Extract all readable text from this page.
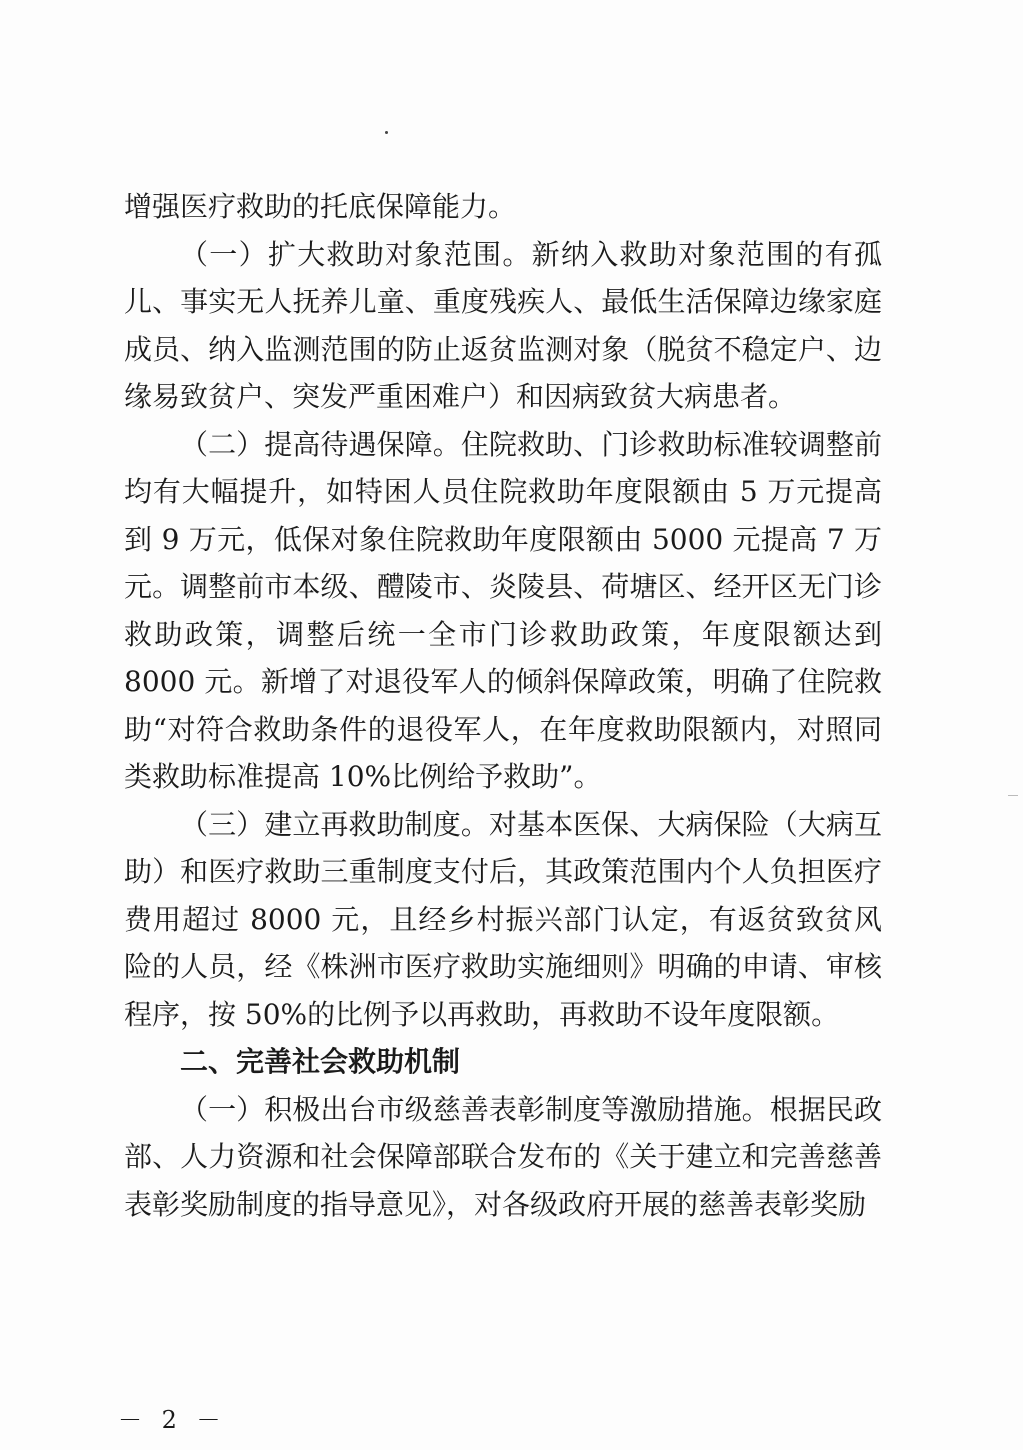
增强医疗救助的托底保障能力。

（一）扩大救助对象范围。新纳入救助对象范围的有孤儿、事实无人抚养儿童、重度残疾人、最低生活保障边缘家庭成员、纳入监测范围的防止返贫监测对象（脱贫不稳定户、边缘易致贫户、突发严重困难户）和因病致贫大病患者。

（二）提高待遇保障。住院救助、门诊救助标准较调整前均有大幅提升，如特困人员住院救助年度限额由 5 万元提高到 9 万元，低保对象住院救助年度限额由 5000 元提高 7 万元。调整前市本级、醴陵市、炎陵县、荷塘区、经开区无门诊救助政策，调整后统一全市门诊救助政策，年度限额达到 8000 元。新增了对退役军人的倾斜保障政策，明确了住院救助“对符合救助条件的退役军人，在年度救助限额内，对照同类救助标准提高 10%比例给予救助”。

（三）建立再救助制度。对基本医保、大病保险（大病互助）和医疗救助三重制度支付后，其政策范围内个人负担医疗费用超过 8000 元，且经乡村振兴部门认定，有返贫致贫风险的人员，经《株洲市医疗救助实施细则》明确的申请、审核程序，按 50%的比例予以再救助，再救助不设年度限额。

二、完善社会救助机制

（一）积极出台市级慈善表彰制度等激励措施。根据民政部、人力资源和社会保障部联合发布的《关于建立和完善慈善表彰奖励制度的指导意见》，对各级政府开展的慈善表彰奖励

－ 2 －
